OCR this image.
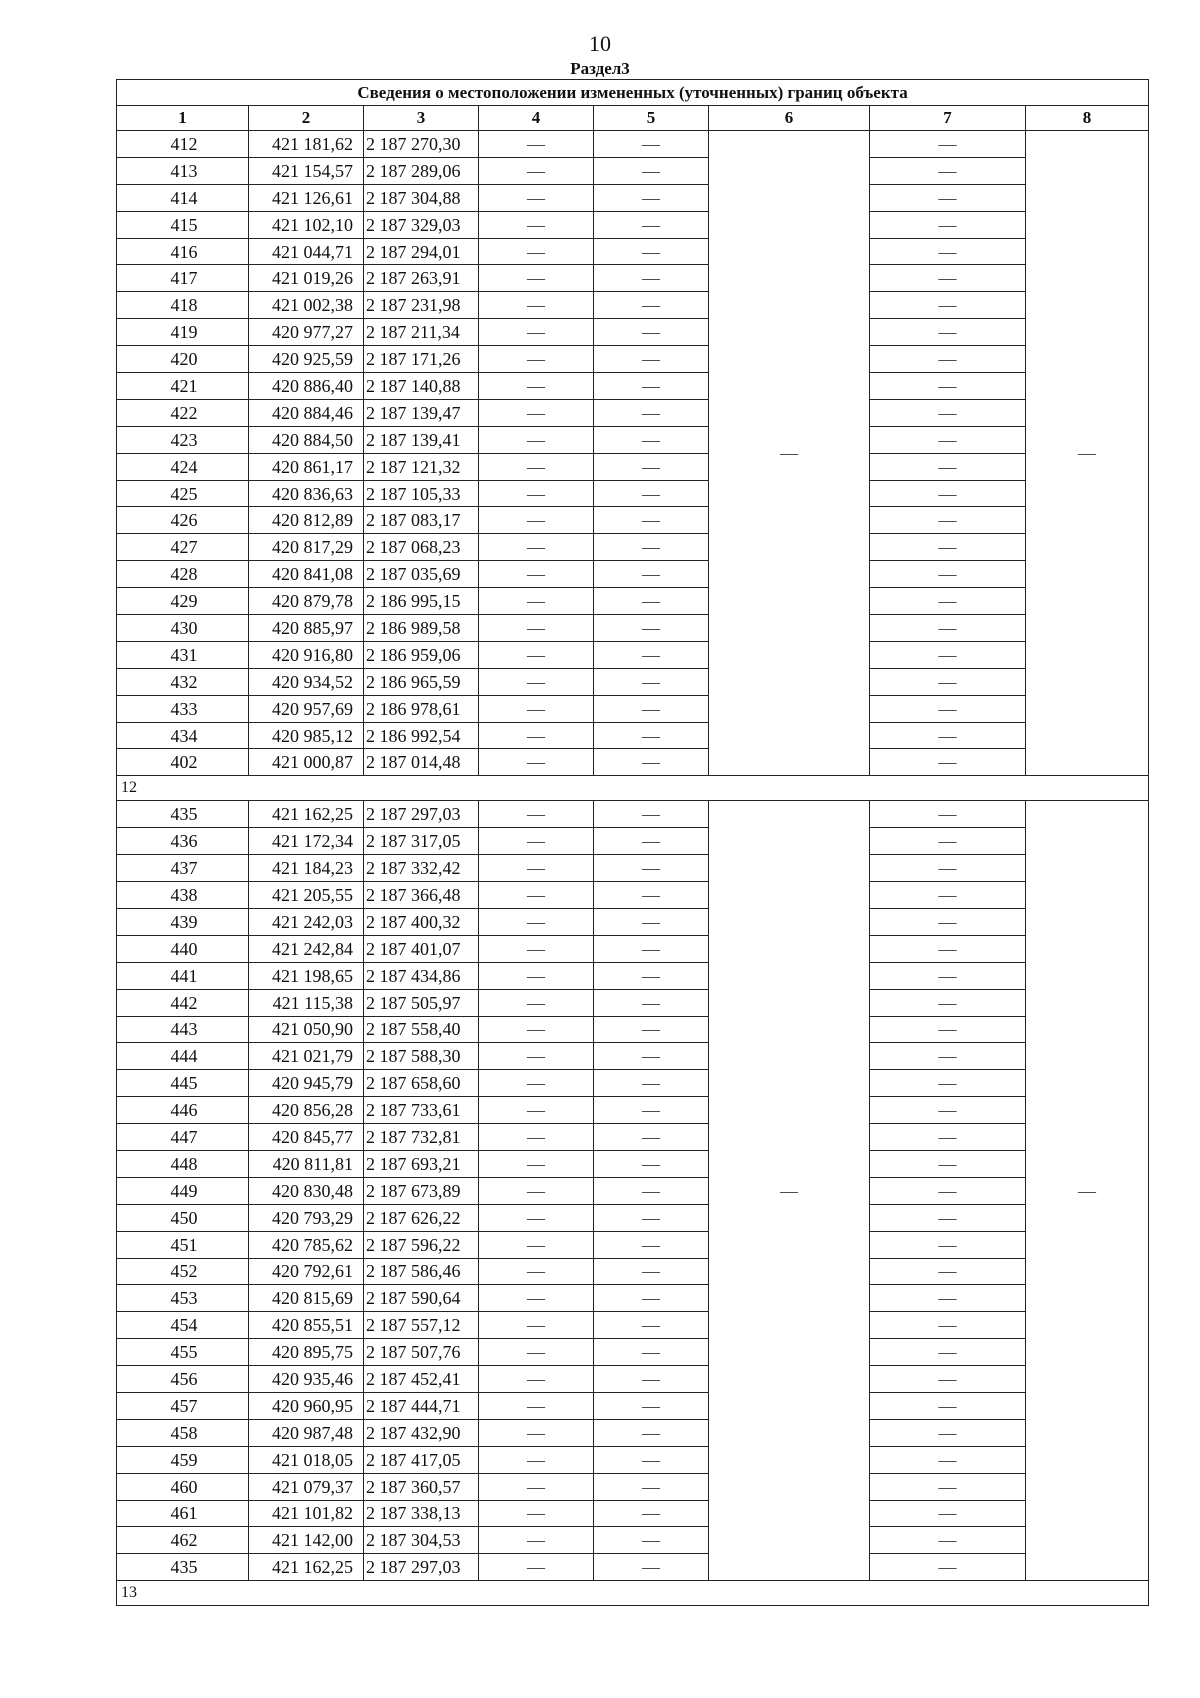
10
Раздел3
Сведения о местоположении измененных (уточненных) границ объекта							
1	2	3	4	5	6	7	8
412	421 181,62	2 187 270,30	—	—	—	—	—
413	421 154,57	2 187 289,06	—	—		—	
414	421 126,61	2 187 304,88	—	—		—	
415	421 102,10	2 187 329,03	—	—		—	
416	421 044,71	2 187 294,01	—	—		—	
417	421 019,26	2 187 263,91	—	—		—	
418	421 002,38	2 187 231,98	—	—		—	
419	420 977,27	2 187 211,34	—	—		—	
420	420 925,59	2 187 171,26	—	—		—	
421	420 886,40	2 187 140,88	—	—		—	
422	420 884,46	2 187 139,47	—	—		—	
423	420 884,50	2 187 139,41	—	—		—	
424	420 861,17	2 187 121,32	—	—		—	
425	420 836,63	2 187 105,33	—	—		—	
426	420 812,89	2 187 083,17	—	—		—	
427	420 817,29	2 187 068,23	—	—		—	
428	420 841,08	2 187 035,69	—	—		—	
429	420 879,78	2 186 995,15	—	—		—	
430	420 885,97	2 186 989,58	—	—		—	
431	420 916,80	2 186 959,06	—	—		—	
432	420 934,52	2 186 965,59	—	—		—	
433	420 957,69	2 186 978,61	—	—		—	
434	420 985,12	2 186 992,54	—	—		—	
402	421 000,87	2 187 014,48	—	—		—	
12							
435	421 162,25	2 187 297,03	—	—	—	—	—
436	421 172,34	2 187 317,05	—	—		—	
437	421 184,23	2 187 332,42	—	—		—	
438	421 205,55	2 187 366,48	—	—		—	
439	421 242,03	2 187 400,32	—	—		—	
440	421 242,84	2 187 401,07	—	—		—	
441	421 198,65	2 187 434,86	—	—		—	
442	421 115,38	2 187 505,97	—	—		—	
443	421 050,90	2 187 558,40	—	—		—	
444	421 021,79	2 187 588,30	—	—		—	
445	420 945,79	2 187 658,60	—	—		—	
446	420 856,28	2 187 733,61	—	—		—	
447	420 845,77	2 187 732,81	—	—		—	
448	420 811,81	2 187 693,21	—	—		—	
449	420 830,48	2 187 673,89	—	—		—	
450	420 793,29	2 187 626,22	—	—		—	
451	420 785,62	2 187 596,22	—	—		—	
452	420 792,61	2 187 586,46	—	—		—	
453	420 815,69	2 187 590,64	—	—		—	
454	420 855,51	2 187 557,12	—	—		—	
455	420 895,75	2 187 507,76	—	—		—	
456	420 935,46	2 187 452,41	—	—		—	
457	420 960,95	2 187 444,71	—	—		—	
458	420 987,48	2 187 432,90	—	—		—	
459	421 018,05	2 187 417,05	—	—		—	
460	421 079,37	2 187 360,57	—	—		—	
461	421 101,82	2 187 338,13	—	—		—	
462	421 142,00	2 187 304,53	—	—		—	
435	421 162,25	2 187 297,03	—	—		—	
13							
